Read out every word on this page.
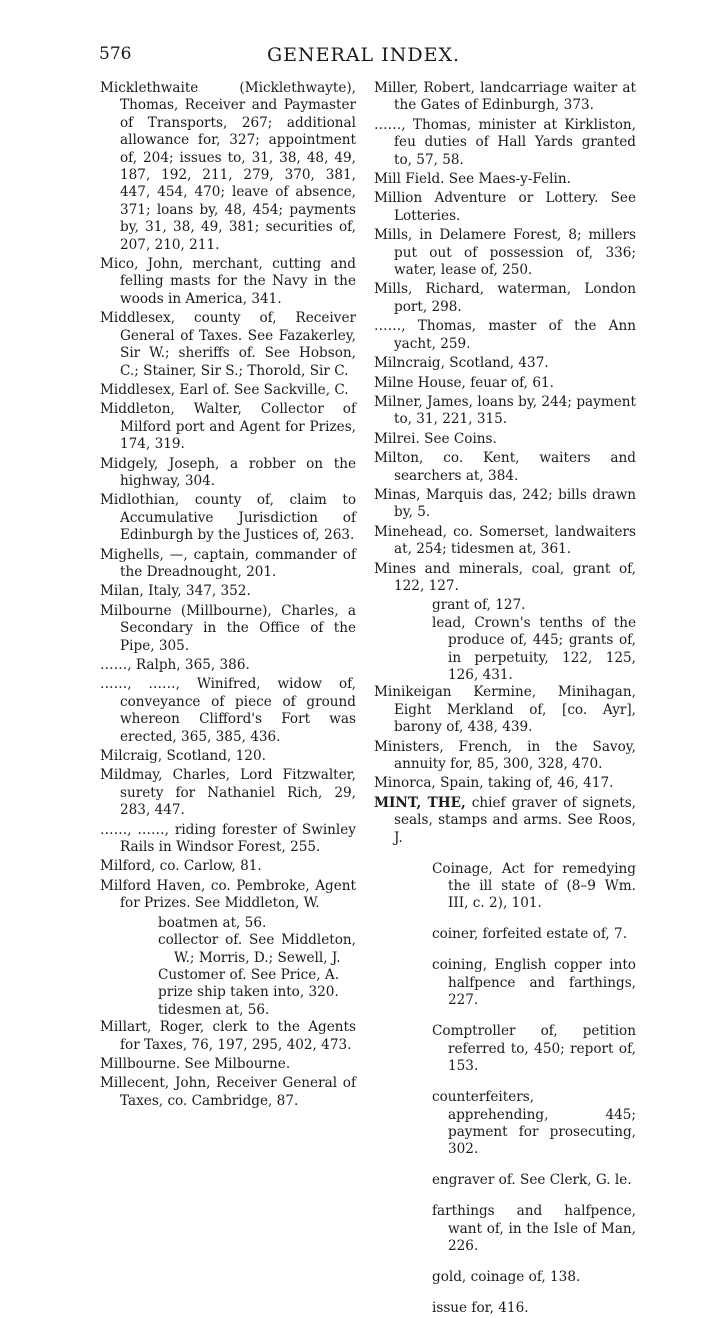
576	GENERAL INDEX.

Micklethwaite (Micklethwayte), Thomas, Receiver and Paymaster of Transports, 267; additional allowance for, 327; appointment of, 204; issues to, 31, 38, 48, 49, 187, 192, 211, 279, 370, 381, 447, 454, 470; leave of absence, 371; loans by, 48, 454; payments by, 31, 38, 49, 381; securities of, 207, 210, 211.

Mico, John, merchant, cutting and felling masts for the Navy in the woods in America, 341.

Middlesex, county of, Receiver General of Taxes. See Fazakerley, Sir W.; sheriffs of. See Hobson, C.; Stainer, Sir S.; Thorold, Sir C.

Middlesex, Earl of. See Sackville, C.

Middleton, Walter, Collector of Milford port and Agent for Prizes, 174, 319.

Midgely, Joseph, a robber on the highway, 304.

Midlothian, county of, claim to Accumulative Jurisdiction of Edinburgh by the Justices of, 263.

Mighells, —, captain, commander of the Dreadnought, 201.

Milan, Italy, 347, 352.

Milbourne (Millbourne), Charles, a Secondary in the Office of the Pipe, 305.

……, Ralph, 365, 386.

……, ……, Winifred, widow of, conveyance of piece of ground whereon Clifford's Fort was erected, 365, 385, 436.

Milcraig, Scotland, 120.

Mildmay, Charles, Lord Fitzwalter, surety for Nathaniel Rich, 29, 283, 447.

……, ……, riding forester of Swinley Rails in Windsor Forest, 255.

Milford, co. Carlow, 81.

Milford Haven, co. Pembroke, Agent for Prizes. See Middleton, W.

boatmen at, 56.

collector of. See Middleton, W.; Morris, D.; Sewell, J.

Customer of. See Price, A.

prize ship taken into, 320.

tidesmen at, 56.

Millart, Roger, clerk to the Agents for Taxes, 76, 197, 295, 402, 473.

Millbourne. See Milbourne.

Millecent, John, Receiver General of Taxes, co. Cambridge, 87.

Miller, Robert, landcarriage waiter at the Gates of Edinburgh, 373.

……, Thomas, minister at Kirkliston, feu duties of Hall Yards granted to, 57, 58.

Mill Field. See Maes-y-Felin.

Million Adventure or Lottery. See Lotteries.

Mills, in Delamere Forest, 8; millers put out of possession of, 336; water, lease of, 250.

Mills, Richard, waterman, London port, 298.

……, Thomas, master of the Ann yacht, 259.

Milncraig, Scotland, 437.

Milne House, feuar of, 61.

Milner, James, loans by, 244; payment to, 31, 221, 315.

Milrei. See Coins.

Milton, co. Kent, waiters and searchers at, 384.

Minas, Marquis das, 242; bills drawn by, 5.

Minehead, co. Somerset, landwaiters at, 254; tidesmen at, 361.

Mines and minerals, coal, grant of, 122, 127.

grant of, 127.

lead, Crown's tenths of the produce of, 445; grants of, in perpetuity, 122, 125, 126, 431.

Minikeigan Kermine, Minihagan, Eight Merkland of, [co. Ayr], barony of, 438, 439.

Ministers, French, in the Savoy, annuity for, 85, 300, 328, 470.

Minorca, Spain, taking of, 46, 417.

MINT, THE, chief graver of signets, seals, stamps and arms. See Roos, J.

Coinage, Act for remedying the ill state of (8–9 Wm. III, c. 2), 101.

coiner, forfeited estate of, 7.

coining, English copper into halfpence and farthings, 227.

Comptroller of, petition referred to, 450; report of, 153.

counterfeiters, apprehending, 445; payment for prosecuting, 302.

engraver of. See Clerk, G. le.

farthings and halfpence, want of, in the Isle of Man, 226.

gold, coinage of, 138.

issue for, 416.
